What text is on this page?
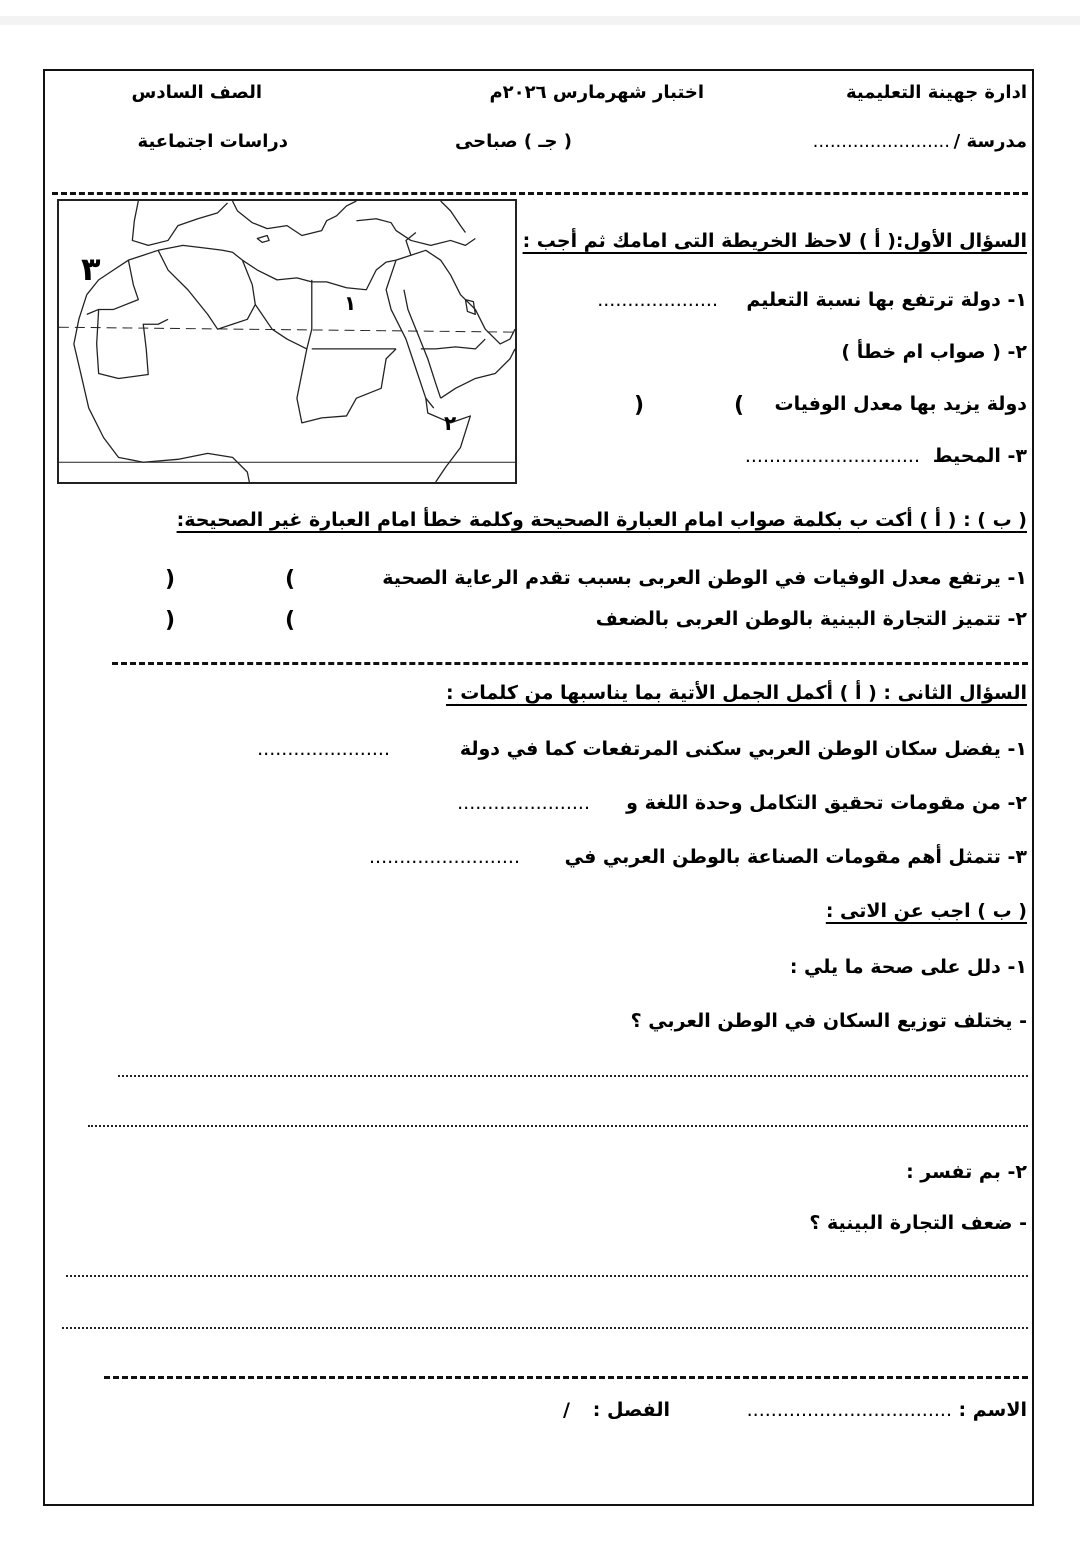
ادارة جهينة التعليمية
اختبار شهرمارس ٢٠٢٦م
الصف السادس
مدرسة /
........................
( جـ ) صباحى
دراسات اجتماعية
١
٢
٣
السؤال الأول:( أ ) لاحظ الخريطة التى امامك ثم أجب :
١- دولة ترتفع بها نسبة التعليم
....................
٢- ( صواب ام خطأ )
دولة يزيد بها معدل الوفيات
(
)
٣- المحيط
.............................
( ب ) : ( أ ) أكت ب بكلمة صواب امام العبارة الصحيحة وكلمة خطأ امام العبارة غير الصحيحة:
١- يرتفع معدل الوفيات في الوطن العربى بسبب تقدم الرعاية الصحية
(
)
٢- تتميز التجارة البينية بالوطن العربى بالضعف
(
)
السؤال الثانى : ( أ ) أكمل الجمل الأتية بما يناسبها من كلمات :
١- يفضل سكان الوطن العربي سكنى المرتفعات كما في دولة
......................
٢- من مقومات تحقيق التكامل وحدة اللغة و
......................
٣- تتمثل أهم مقومات الصناعة بالوطن العربي في
.........................
( ب ) اجب عن الاتى :
١- دلل على صحة ما يلي :
- يختلف توزيع السكان في الوطن العربي ؟
٢- بم تفسر :
- ضعف التجارة البينية ؟
الاسم :
..................................
الفصل :
/
